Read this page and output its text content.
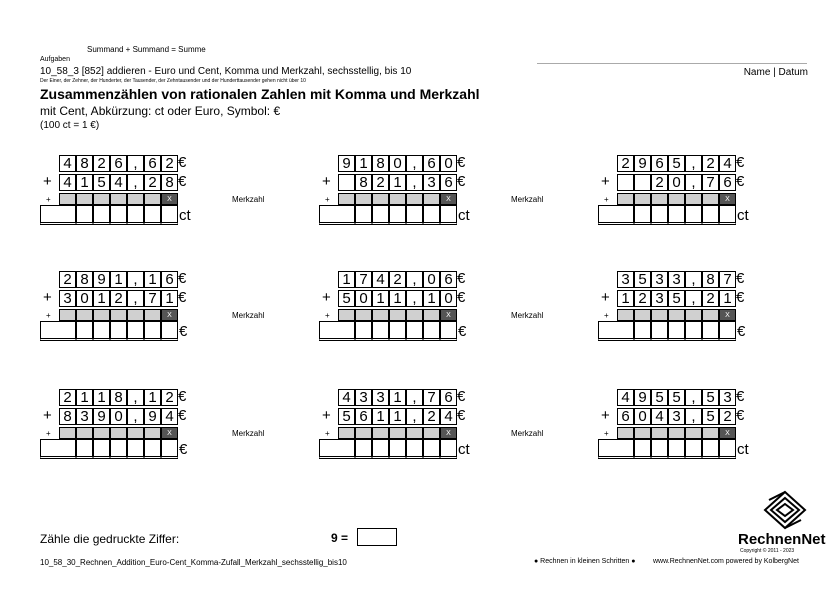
Summand + Summand = Summe
Aufgaben
10_58_3 [852] addieren - Euro und Cent, Komma und Merkzahl, sechsstellig, bis 10
Der Einer, der Zehner, der Hunderter, der Tausender, der Zehntausender und der Hunderttausender gehen nicht über 10
Zusammenzählen von rationalen Zahlen mit Komma und Merkzahl
mit Cent, Abkürzung: ct oder Euro, Symbol: €
(100 ct = 1 €)
Name | Datum
4 8 2 6 , 6 2 €
+ 4 1 5 4 , 2 8 €
+	X
ct
Merkzahl
9 1 8 0 , 6 0 €
+ 8 2 1 , 3 6 €
+	X
ct
Merkzahl
2 9 6 5 , 2 4 €
+	2 0 , 7 6 €
+	X
ct
2 8 9 1 , 1 6 €
+ 3 0 1 2 , 7 1 €
+	X
€
Merkzahl
1 7 4 2 , 0 6 €
+ 5 0 1 1 , 1 0 €
+	X
€
Merkzahl
3 5 3 3 , 8 7 €
+ 1 2 3 5 , 2 1 €
+	X
€
2 1 1 8 , 1 2 €
+ 8 3 9 0 , 9 4 €
+	X
€
Merkzahl
4 3 3 1 , 7 6 €
+ 5 6 1 1 , 2 4 €
+	X
ct
Merkzahl
4 9 5 5 , 5 3 €
+ 6 0 4 3 , 5 2 €
+	X
ct
Zähle die gedruckte Ziffer:	9 =
10_58_30_Rechnen_Addition_Euro-Cent_Komma-Zufall_Merkzahl_sechsstellig_bis10	● Rechnen in kleinen Schritten ●	www.RechnenNet.com powered by KolbergNet
RechnenNet
Copyright © 2011 - 2023
